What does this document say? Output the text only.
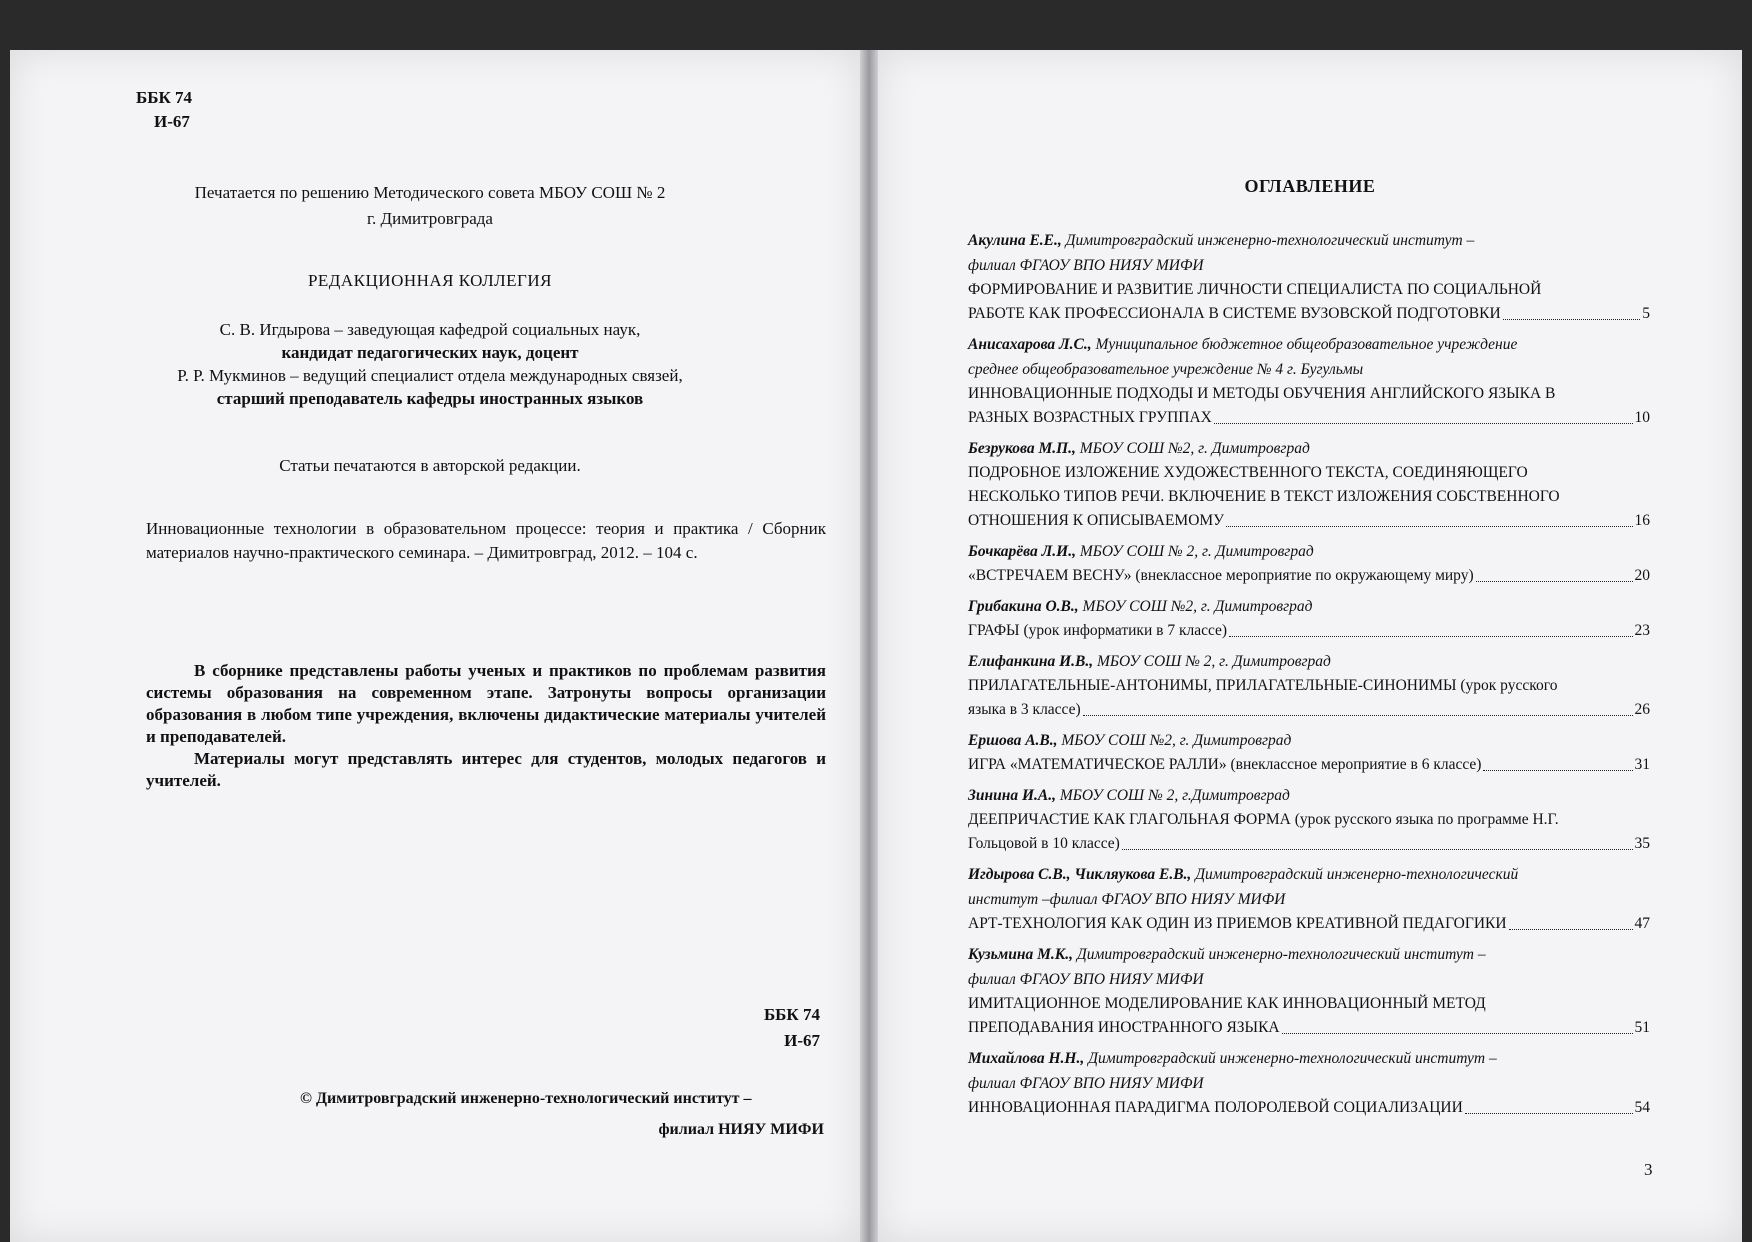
ББК 74
И-67
Печатается по решению Методического совета МБОУ СОШ № 2
г. Димитровграда
РЕДАКЦИОННАЯ КОЛЛЕГИЯ
С. В. Игдырова – заведующая кафедрой социальных наук,
кандидат педагогических наук, доцент
Р. Р. Мукминов – ведущий специалист отдела международных связей,
старший преподаватель кафедры иностранных языков
Статьи печатаются в авторской редакции.
Инновационные технологии в образовательном процессе: теория и практика / Сборник материалов научно-практического семинара. – Димитровград, 2012. – 104 с.

В сборнике представлены работы ученых и практиков по проблемам развития системы образования на современном этапе. Затронуты вопросы организации образования в любом типе учреждения, включены дидактические материалы учителей и преподавателей.

Материалы могут представлять интерес для студентов, молодых педагогов и учителей.

ББК 74
И-67
© Димитровградский инженерно-технологический институт –
филиал НИЯУ МИФИ
ОГЛАВЛЕНИЕ
Акулина Е.Е., Димитровградский инженерно-технологический институт –
филиал ФГАОУ ВПО НИЯУ МИФИ
ФОРМИРОВАНИЕ И РАЗВИТИЕ ЛИЧНОСТИ СПЕЦИАЛИСТА ПО СОЦИАЛЬНОЙ
РАБОТЕ КАК ПРОФЕССИОНАЛА В СИСТЕМЕ ВУЗОВСКОЙ ПОДГОТОВКИ	5
Анисахарова Л.С., Муниципальное бюджетное общеобразовательное учреждение
среднее общеобразовательное учреждение № 4 г. Бугульмы
ИННОВАЦИОННЫЕ ПОДХОДЫ И МЕТОДЫ ОБУЧЕНИЯ АНГЛИЙСКОГО ЯЗЫКА В
РАЗНЫХ ВОЗРАСТНЫХ ГРУППАХ	10
Безрукова М.П., МБОУ СОШ №2, г. Димитровград
ПОДРОБНОЕ ИЗЛОЖЕНИЕ ХУДОЖЕСТВЕННОГО ТЕКСТА, СОЕДИНЯЮЩЕГО
НЕСКОЛЬКО ТИПОВ РЕЧИ. ВКЛЮЧЕНИЕ В ТЕКСТ ИЗЛОЖЕНИЯ СОБСТВЕННОГО
ОТНОШЕНИЯ К ОПИСЫВАЕМОМУ	16
Бочкарёва Л.И., МБОУ СОШ № 2, г. Димитровград
«ВСТРЕЧАЕМ ВЕСНУ» (внеклассное мероприятие по окружающему миру)	20
Грибакина О.В., МБОУ СОШ №2, г. Димитровград
ГРАФЫ (урок информатики в 7 классе)	23
Елифанкина И.В., МБОУ СОШ № 2, г. Димитровград
ПРИЛАГАТЕЛЬНЫЕ-АНТОНИМЫ, ПРИЛАГАТЕЛЬНЫЕ-СИНОНИМЫ (урок русского
языка в 3 классе)	26
Ершова А.В., МБОУ СОШ №2, г. Димитровград
ИГРА «МАТЕМАТИЧЕСКОЕ РАЛЛИ» (внеклассное мероприятие в 6 классе)	31
Зинина И.А., МБОУ СОШ № 2, г.Димитровград
ДЕЕПРИЧАСТИЕ КАК ГЛАГОЛЬНАЯ ФОРМА (урок русского языка по программе Н.Г.
Гольцовой в 10 классе)	35
Игдырова С.В., Чикляукова Е.В., Димитровградский инженерно-технологический
институт –филиал ФГАОУ ВПО НИЯУ МИФИ
АРТ-ТЕХНОЛОГИЯ КАК ОДИН ИЗ ПРИЕМОВ КРЕАТИВНОЙ ПЕДАГОГИКИ	47
Кузьмина М.К., Димитровградский инженерно-технологический институт –
филиал ФГАОУ ВПО НИЯУ МИФИ
ИМИТАЦИОННОЕ МОДЕЛИРОВАНИЕ КАК ИННОВАЦИОННЫЙ МЕТОД
ПРЕПОДАВАНИЯ ИНОСТРАННОГО ЯЗЫКА	51
Михайлова Н.Н., Димитровградский инженерно-технологический институт –
филиал ФГАОУ ВПО НИЯУ МИФИ
ИННОВАЦИОННАЯ ПАРАДИГМА ПОЛОРОЛЕВОЙ СОЦИАЛИЗАЦИИ	54
3
